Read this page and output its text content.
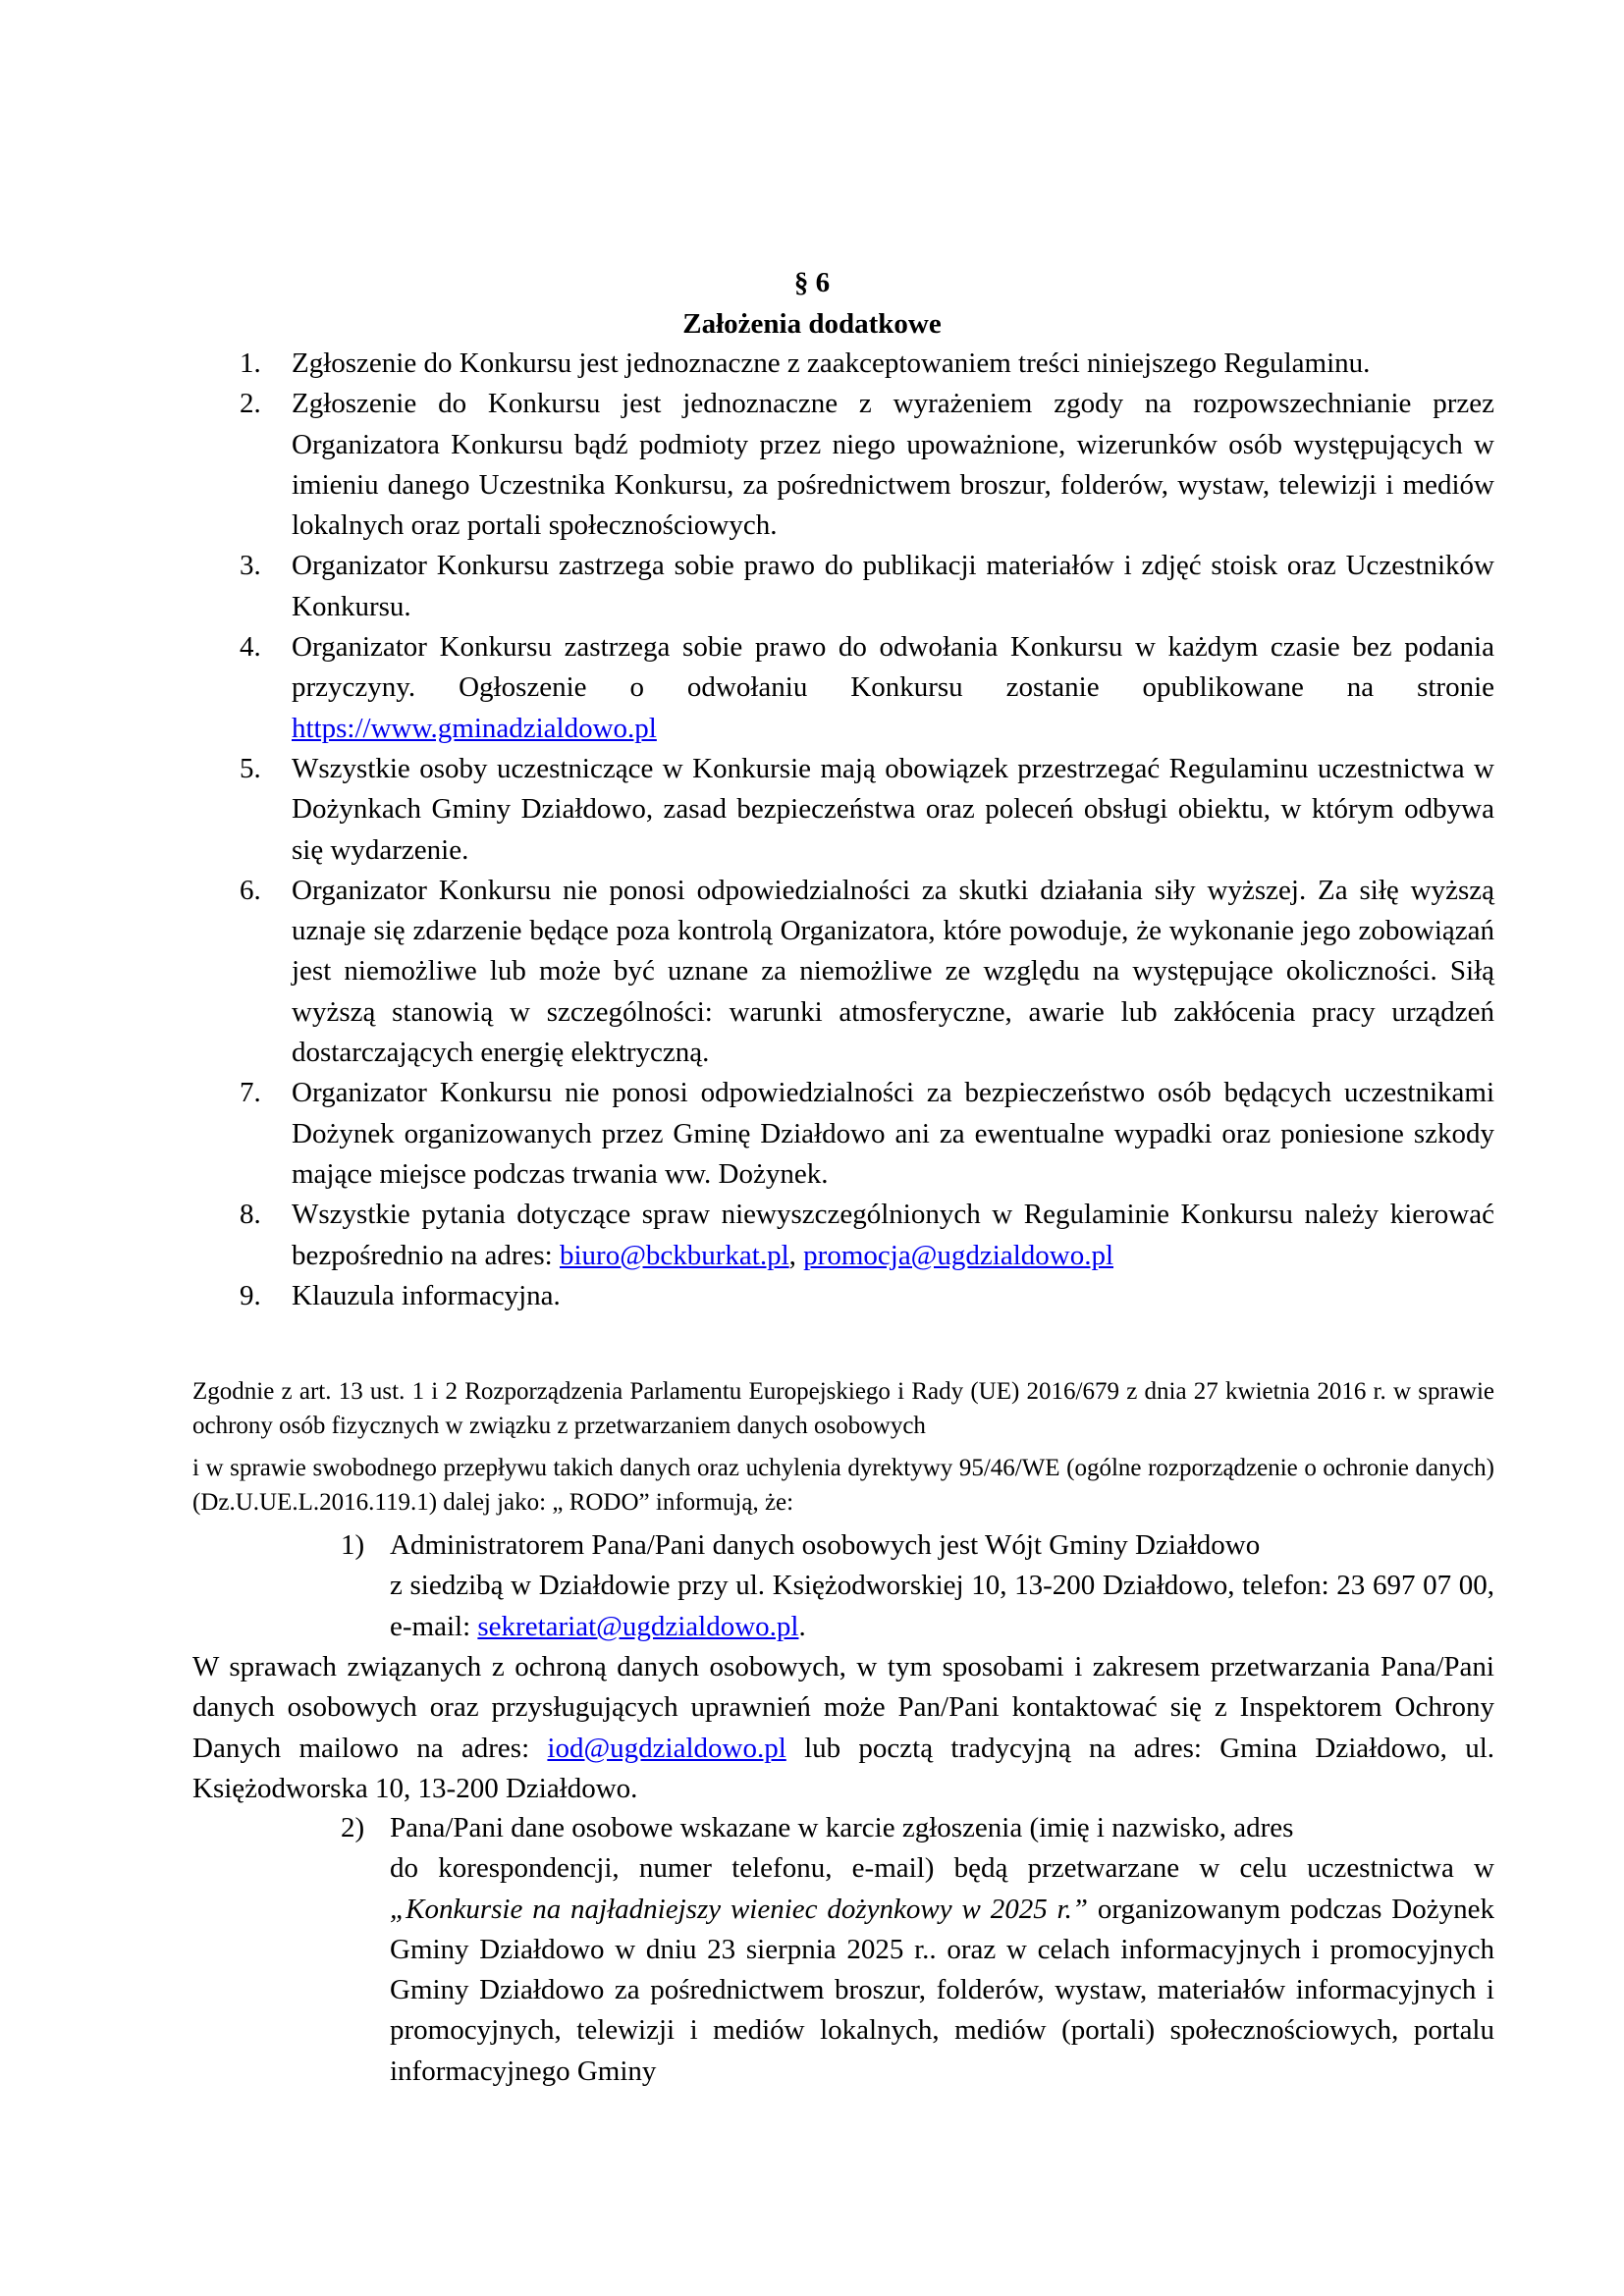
§ 6
Założenia dodatkowe
1.	Zgłoszenie do Konkursu jest jednoznaczne z zaakceptowaniem treści niniejszego Regulaminu.
2.	Zgłoszenie do Konkursu jest jednoznaczne z wyrażeniem zgody na rozpowszechnianie przez Organizatora Konkursu bądź podmioty przez niego upoważnione, wizerunków osób występujących w imieniu danego Uczestnika Konkursu, za pośrednictwem broszur, folderów, wystaw, telewizji i mediów lokalnych oraz portali społecznościowych.
3.	Organizator Konkursu zastrzega sobie prawo do publikacji materiałów i zdjęć stoisk oraz Uczestników Konkursu.
4.	Organizator Konkursu zastrzega sobie prawo do odwołania Konkursu w każdym czasie bez podania przyczyny. Ogłoszenie o odwołaniu Konkursu zostanie opublikowane na stronie https://www.gminadzialdowo.pl
5.	Wszystkie osoby uczestniczące w Konkursie mają obowiązek przestrzegać Regulaminu uczestnictwa w Dożynkach Gminy Działdowo, zasad bezpieczeństwa oraz poleceń obsługi obiektu, w którym odbywa się wydarzenie.
6.	Organizator Konkursu nie ponosi odpowiedzialności za skutki działania siły wyższej. Za siłę wyższą uznaje się zdarzenie będące poza kontrolą Organizatora, które powoduje, że wykonanie jego zobowiązań jest niemożliwe lub może być uznane za niemożliwe ze względu na występujące okoliczności. Siłą wyższą stanowią w szczególności: warunki atmosferyczne, awarie lub zakłócenia pracy urządzeń dostarczających energię elektryczną.
7.	Organizator Konkursu nie ponosi odpowiedzialności za bezpieczeństwo osób będących uczestnikami Dożynek organizowanych przez Gminę Działdowo ani za ewentualne wypadki oraz poniesione szkody mające miejsce podczas trwania ww. Dożynek.
8.	Wszystkie pytania dotyczące spraw niewyszczególnionych w Regulaminie Konkursu należy kierować bezpośrednio na adres: biuro@bckburkat.pl, promocja@ugdzialdowo.pl
9.	Klauzula informacyjna.
Zgodnie z art. 13 ust. 1 i 2 Rozporządzenia Parlamentu Europejskiego i Rady (UE) 2016/679 z dnia 27 kwietnia 2016 r. w sprawie ochrony osób fizycznych w związku z przetwarzaniem danych osobowych
i w sprawie swobodnego przepływu takich danych oraz uchylenia dyrektywy 95/46/WE (ogólne rozporządzenie o ochronie danych) (Dz.U.UE.L.2016.119.1) dalej jako: „ RODO” informują, że:
1) Administratorem Pana/Pani danych osobowych jest Wójt Gminy Działdowo
z siedzibą w Działdowie przy ul. Księżodworskiej 10, 13-200 Działdowo, telefon: 23 697 07 00, e-mail: sekretariat@ugdzialdowo.pl.
W sprawach związanych z ochroną danych osobowych, w tym sposobami i zakresem przetwarzania Pana/Pani danych osobowych oraz przysługujących uprawnień może Pan/Pani kontaktować się z Inspektorem Ochrony Danych mailowo na adres: iod@ugdzialdowo.pl lub pocztą tradycyjną na adres: Gmina Działdowo, ul. Księżodworska 10, 13-200 Działdowo.
2) Pana/Pani dane osobowe wskazane w karcie zgłoszenia (imię i nazwisko, adres
do korespondencji, numer telefonu, e-mail) będą przetwarzane w celu uczestnictwa w „Konkursie na najładniejszy wieniec dożynkowy w 2025 r.” organizowanym podczas Dożynek Gminy Działdowo w dniu 23 sierpnia 2025 r.. oraz w celach informacyjnych i promocyjnych Gminy Działdowo za pośrednictwem broszur, folderów, wystaw, materiałów informacyjnych i promocyjnych, telewizji i mediów lokalnych, mediów (portali) społecznościowych, portalu informacyjnego Gminy
